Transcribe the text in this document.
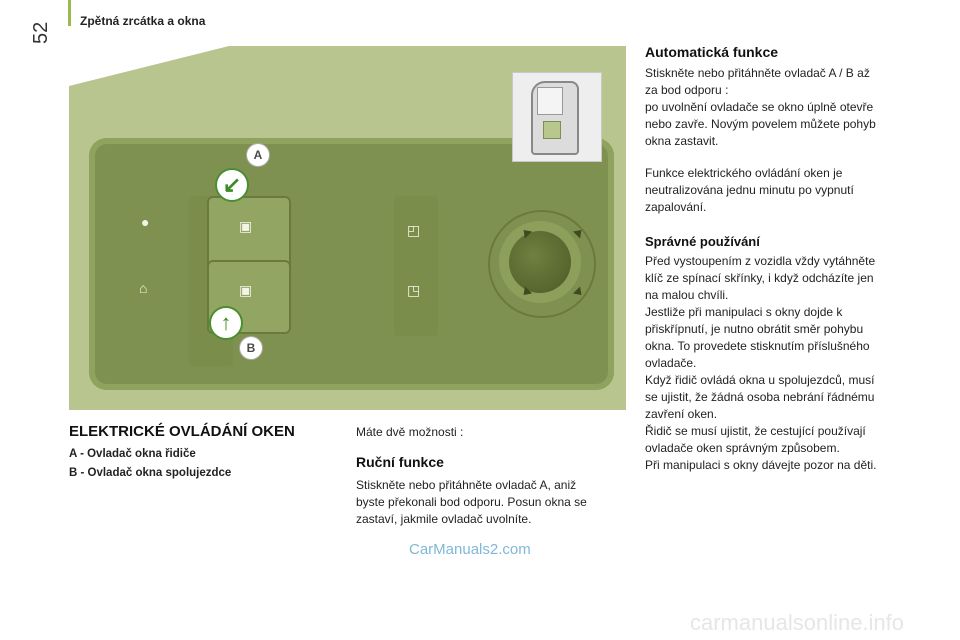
52
Zpětná zrcátka a okna
▣
▣
●
⌂
◰
◳
A
B
↙
↑
ELEKTRICKÉ OVLÁDÁNÍ OKEN
A - Ovladač okna řidiče
B - Ovladač okna spolujezdce
Máte dvě možnosti :
Ruční funkce
Stiskněte nebo přitáhněte ovladač A, aniž
byste překonali bod odporu. Posun okna se
zastaví, jakmile ovladač uvolníte.
Automatická funkce
Stiskněte nebo přitáhněte ovladač A / B až
za bod odporu :
po uvolnění ovladače se okno úplně otevře
nebo zavře. Novým povelem můžete pohyb
okna zastavit.
Funkce elektrického ovládání oken je
neutralizována jednu minutu po vypnutí
zapalování.
Správné používání
Před vystoupením z vozidla vždy vytáhněte
klíč ze spínací skřínky, i když odcházíte jen
na malou chvíli.
Jestliže při manipulaci s okny dojde k
přiskřípnutí, je nutno obrátit směr pohybu
okna. To provedete stisknutím příslušného
ovladače.
Když řidič ovládá okna u spolujezdců, musí
se ujistit, že žádná osoba nebrání řádnému
zavření oken.
Řidič se musí ujistit, že cestující používají
ovladače oken správným způsobem.
Při manipulaci s okny dávejte pozor na děti.
CarManuals2.com
carmanualsonline.info
